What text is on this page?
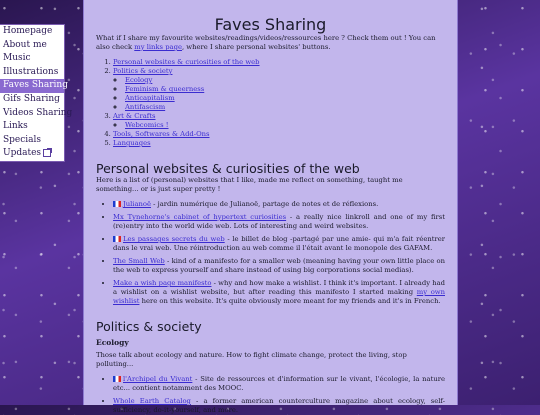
Homepage
About me
Music
Illustrations
Faves Sharing
Gifs Sharing
Videos Sharing
Links
Specials
Updates
Faves Sharing

What if I share my favourite websites/readings/videos/ressources here ? Check them out ! You can also check my links page, where I share personal websites' buttons.

1. Personal websites & curiosities of the web
2. Politics & society
◦ Ecology
◦ Feminism & queerness
◦ Anticapitalism
◦ Antifascism
3. Art & Crafts
◦ Webcomics !
4. Tools, Softwares & Add-Ons
5. Languages
Personal websites & curiosities of the web

Here is a list of (personal) websites that I like, made me reflect on something, taught me something... or is just super pretty !

• Julianoë - jardin numérique de Julianoë, partage de notes et de réflexions.
• Mx Tynehorne's cabinet of hypertext curiosities - a really nice linkroll and one of my first (re)entry into the world wide web. Lots of interesting and weird websites.
• Les passages secrets du web - le billet de blog -partagé par une amie- qui m'a fait réentrer dans le vrai web. Une réintroduction au web comme il l'était avant le monopole des GAFAM.
• The Small Web - kind of a manifesto for a smaller web (meaning having your own little place on the web to express yourself and share instead of using big corporations social medias).
• Make a wish page manifesto - why and how make a wishlist. I think it's important. I already had a wishlist on a wishlist website, but after reading this manifesto I started making my own wishlist here on this website. It's quite obviously more meant for my friends and it's in French.
Politics & society
Ecology

Those talk about ecology and nature. How to fight climate change, protect the living, stop polluting...

• l'Archipel du Vivant - Site de ressources et d'information sur le vivant, l'écologie, la nature etc... contient notamment des MOOC.
• Whole Earth Catalog - a former american counterculture magazine about ecology, self-sufficiency, do-it-yourself, and more.
